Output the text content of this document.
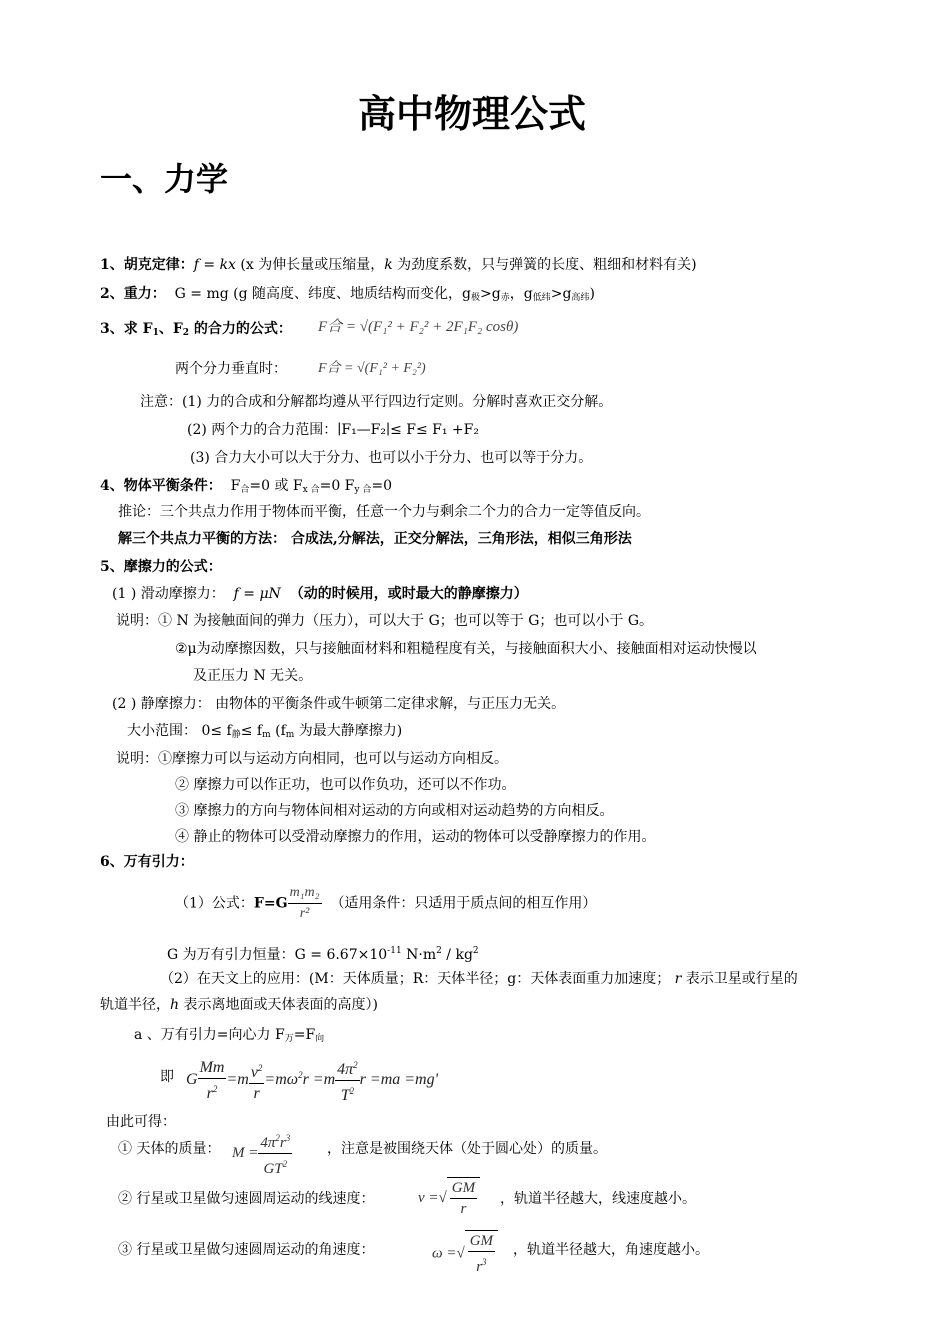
高中物理公式
一、力学
1、胡克定律：f = kx (x 为伸长量或压缩量，k 为劲度系数，只与弹簧的长度、粗细和材料有关)
2、重力： G = mg (g 随高度、纬度、地质结构而变化，$g_极>g_赤$，$g_{低纬}>g_{高纬}$)
3、求 $F_1$、$F_2$ 的合力的公式： F合 = √(F₁² + F₂² + 2F₁F₂ cosθ)
两个分力垂直时： F合 = √(F₁² + F₂²)
注意：(1) 力的合成和分解都均遵从平行四边行定则。分解时喜欢正交分解。
(2) 两个力的合力范围：∣F₁—F₂∣≤ F≤ F₁ +F₂
(3) 合力大小可以大于分力、也可以小于分力、也可以等于分力。
4、物体平衡条件： $F_合=0$ 或 $F_{x 合}=0$ $F_{y 合}=0$
推论：三个共点力作用于物体而平衡，任意一个力与剩余二个力的合力一定等值反向。
解三个共点力平衡的方法： 合成法,分解法，正交分解法，三角形法，相似三角形法
5、摩擦力的公式：
(1 ) 滑动摩擦力： f = μN （动的时候用，或时最大的静摩擦力）
说明：① N 为接触面间的弹力（压力），可以大于 G；也可以等于 G；也可以小于 G。
②μ为动摩擦因数，只与接触面材料和粗糙程度有关，与接触面积大小、接触面相对运动快慢以
及正压力 N 无关。
(2 ) 静摩擦力： 由物体的平衡条件或牛顿第二定律求解，与正压力无关。
大小范围： $0\le f_静\le f_m$ ($f_m$ 为最大静摩擦力)
说明：①摩擦力可以与运动方向相同，也可以与运动方向相反。
② 摩擦力可以作正功，也可以作负功，还可以不作功。
③ 摩擦力的方向与物体间相对运动的方向或相对运动趋势的方向相反。
④ 静止的物体可以受滑动摩擦力的作用，运动的物体可以受静摩擦力的作用。
6、万有引力：
（1）公式：$F=G \frac{\text{m₁m₂}}{\text{r²}}$ （适用条件：只适用于质点间的相互作用）
G 为万有引力恒量：$G = 6.67\times 10^{-11}$ $N\cdot m^2 / kg^2$
（2）在天文上的应用：(M：天体质量；R：天体半径；g：天体表面重力加速度； r 表示卫星或行星的
轨道半径，h 表示离地面或天体表面的高度）)
a 、万有引力=向心力 $F_万=F_向$
即 G $\frac{Mm}{r^2} =m \frac{v^2}{r} =m\omega^2r =m \frac{4\pi^2}{T^2}$ r =ma =mg'
由此可得：
① 天体的质量： $M = \frac{4\pi^2r^3}{GT^2}$ ，注意是被围绕天体（处于圆心处）的质量。
② 行星或卫星做匀速圆周运动的线速度：	v =√ $\frac{GM}{r}$ ，轨道半径越大，线速度越小。
③ 行星或卫星做匀速圆周运动的角速度：	ω =√ $\frac{GM}{r^3}$ ，轨道半径越大，角速度越小。
